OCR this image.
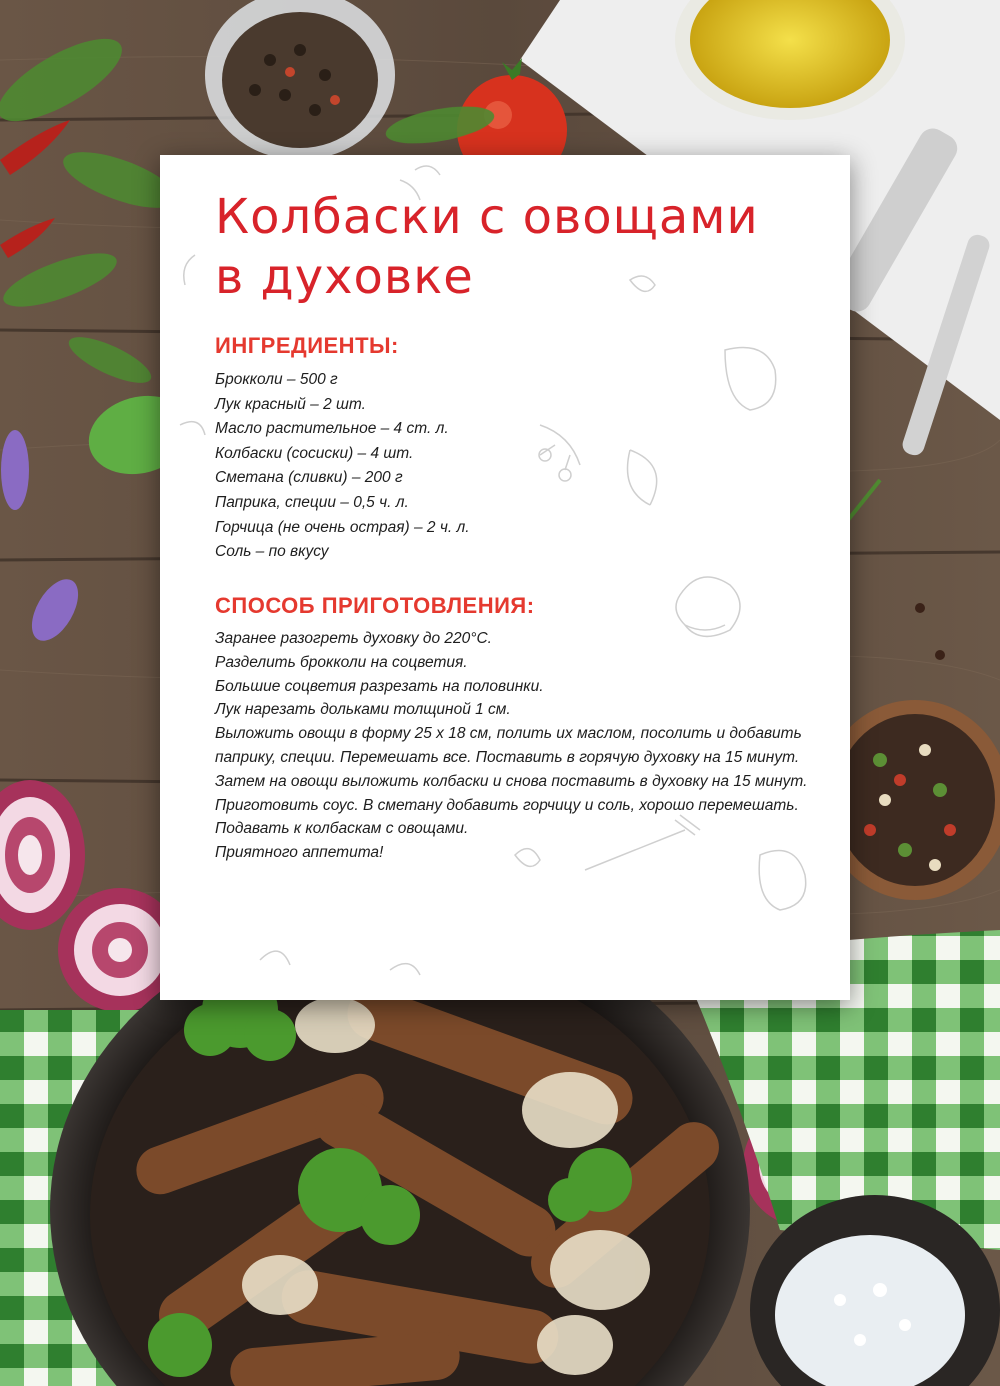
Колбаски с овощами
в духовке
ИНГРЕДИЕНТЫ:
Брокколи – 500 г
Лук красный – 2 шт.
Масло растительное – 4 ст. л.
Колбаски (сосиски) – 4 шт.
Сметана (сливки) – 200 г
Паприка, специи – 0,5 ч. л.
Горчица (не очень острая) – 2 ч. л.
Соль – по вкусу
СПОСОБ ПРИГОТОВЛЕНИЯ:
Заранее разогреть духовку до 220°С.
Разделить брокколи на соцветия.
Большие соцветия разрезать на половинки.
Лук нарезать дольками толщиной 1 см.
Выложить овощи в форму 25 х 18 см, полить их маслом, посолить и добавить паприку, специи. Перемешать все. Поставить в горячую духовку на 15 минут.
Затем на овощи выложить колбаски и снова поставить в духовку на 15 минут.
Приготовить соус. В сметану добавить горчицу и соль, хорошо перемешать.
Подавать к колбаскам с овощами.
Приятного аппетита!
